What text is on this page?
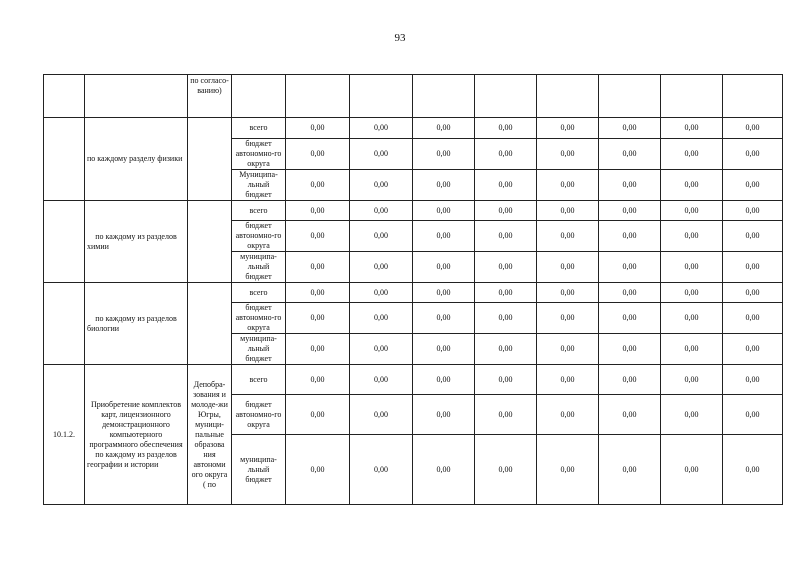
93
		по согласо-ванию)									
	по каждому разделу физики		всего	0,00	0,00	0,00	0,00	0,00	0,00	0,00	0,00
			бюджет автономно-го округа	0,00	0,00	0,00	0,00	0,00	0,00	0,00	0,00
			Муниципа-льный бюджет	0,00	0,00	0,00	0,00	0,00	0,00	0,00	0,00
	по каждому из разделов химии		всего	0,00	0,00	0,00	0,00	0,00	0,00	0,00	0,00
			бюджет автономно-го округа	0,00	0,00	0,00	0,00	0,00	0,00	0,00	0,00
			муниципа-льный бюджет	0,00	0,00	0,00	0,00	0,00	0,00	0,00	0,00
	по каждому из разделов биологии		всего	0,00	0,00	0,00	0,00	0,00	0,00	0,00	0,00
			бюджет автономно-го округа	0,00	0,00	0,00	0,00	0,00	0,00	0,00	0,00
			муниципа-льный бюджет	0,00	0,00	0,00	0,00	0,00	0,00	0,00	0,00
10.1.2.	Приобретение комплектов карт, лицензионного демонстрационного компьютерного программного обеспечения по каждому из разделов географии и истории	Депобра-зования и молоде-жи Югры, муници-пальные образова ния автономи ого округа ( по	всего	0,00	0,00	0,00	0,00	0,00	0,00	0,00	0,00
			бюджет автономно-го округа	0,00	0,00	0,00	0,00	0,00	0,00	0,00	0,00
			муниципа-льный бюджет	0,00	0,00	0,00	0,00	0,00	0,00	0,00	0,00
